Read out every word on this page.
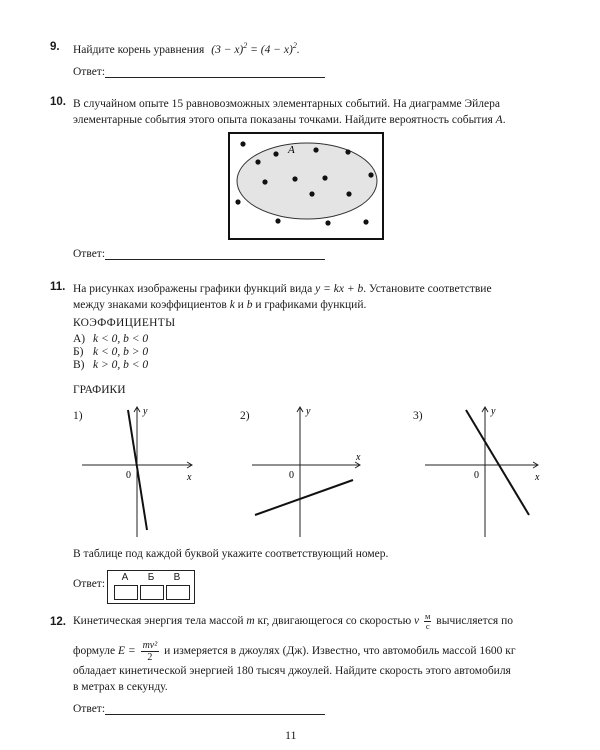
9. Найдите корень уравнения $(3 - x)^2 = (4 - x)^2$.
Ответ:
10. В случайном опыте 15 равновозможных элементарных событий. На диаграмме Эйлера
элементарные события этого опыта показаны точками. Найдите вероятность события A.
A
Ответ:
11. На рисунках изображены графики функций вида y = kx + b. Установите соответствие
между знаками коэффициентов k и b и графиками функций.
КОЭФФИЦИЕНТЫ
А) k < 0, b < 0
Б) k < 0, b > 0
В) k > 0, b < 0
ГРАФИКИ
1)	y
x
0
2)	y
x
0
3)	y
x
0
В таблице под каждой буквой укажите соответствующий номер.
Ответ:
А	Б	В
12. Кинетическая энергия тела массой m кг, двигающегося со скоростью v м
с вычисляется по
формуле $E = \frac{\text{mv²}}{2}$ и измеряется в джоулях (Дж). Известно, что автомобиль массой 1600 кг
обладает кинетической энергией 180 тысяч джоулей. Найдите скорость этого автомобиля
в метрах в секунду.
Ответ:
11
